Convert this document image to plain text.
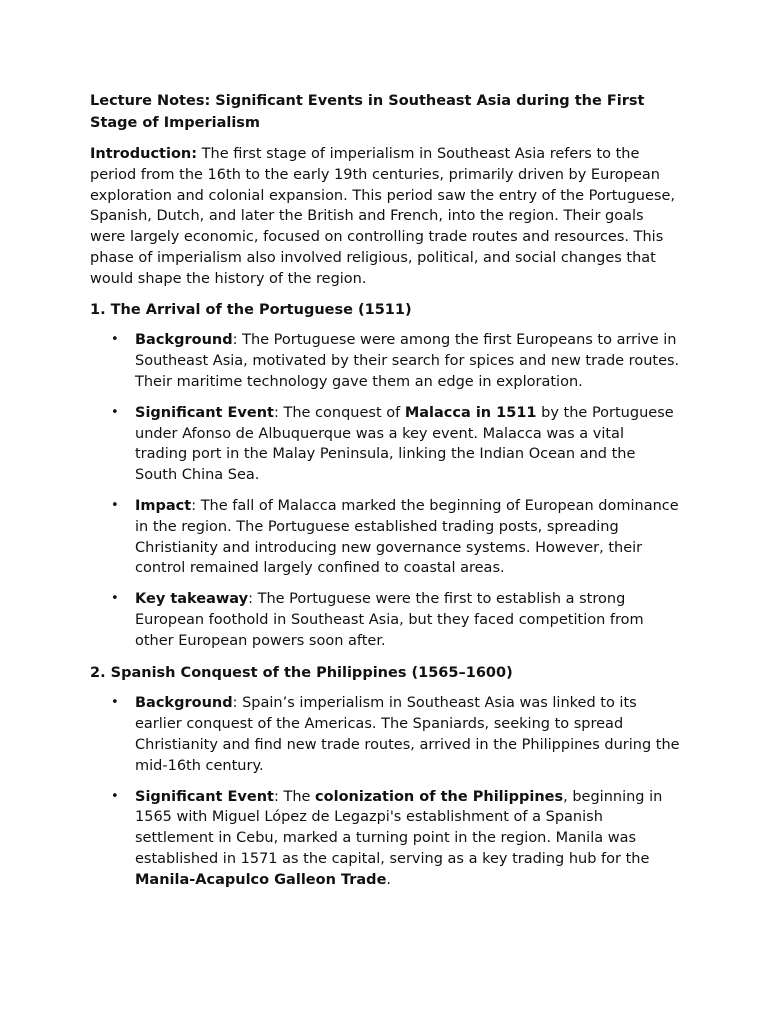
Lecture Notes: Significant Events in Southeast Asia during the First Stage of Imperialism

Introduction: The first stage of imperialism in Southeast Asia refers to the period from the 16th to the early 19th centuries, primarily driven by European exploration and colonial expansion. This period saw the entry of the Portuguese, Spanish, Dutch, and later the British and French, into the region. Their goals were largely economic, focused on controlling trade routes and resources. This phase of imperialism also involved religious, political, and social changes that would shape the history of the region.

1. The Arrival of the Portuguese (1511)
• Background: The Portuguese were among the first Europeans to arrive in Southeast Asia, motivated by their search for spices and new trade routes. Their maritime technology gave them an edge in exploration.
• Significant Event: The conquest of Malacca in 1511 by the Portuguese under Afonso de Albuquerque was a key event. Malacca was a vital trading port in the Malay Peninsula, linking the Indian Ocean and the South China Sea.
• Impact: The fall of Malacca marked the beginning of European dominance in the region. The Portuguese established trading posts, spreading Christianity and introducing new governance systems. However, their control remained largely confined to coastal areas.
• Key takeaway: The Portuguese were the first to establish a strong European foothold in Southeast Asia, but they faced competition from other European powers soon after.
2. Spanish Conquest of the Philippines (1565–1600)
• Background: Spain’s imperialism in Southeast Asia was linked to its earlier conquest of the Americas. The Spaniards, seeking to spread Christianity and find new trade routes, arrived in the Philippines during the mid-16th century.
• Significant Event: The colonization of the Philippines, beginning in 1565 with Miguel López de Legazpi's establishment of a Spanish settlement in Cebu, marked a turning point in the region. Manila was established in 1571 as the capital, serving as a key trading hub for the Manila-Acapulco Galleon Trade.
